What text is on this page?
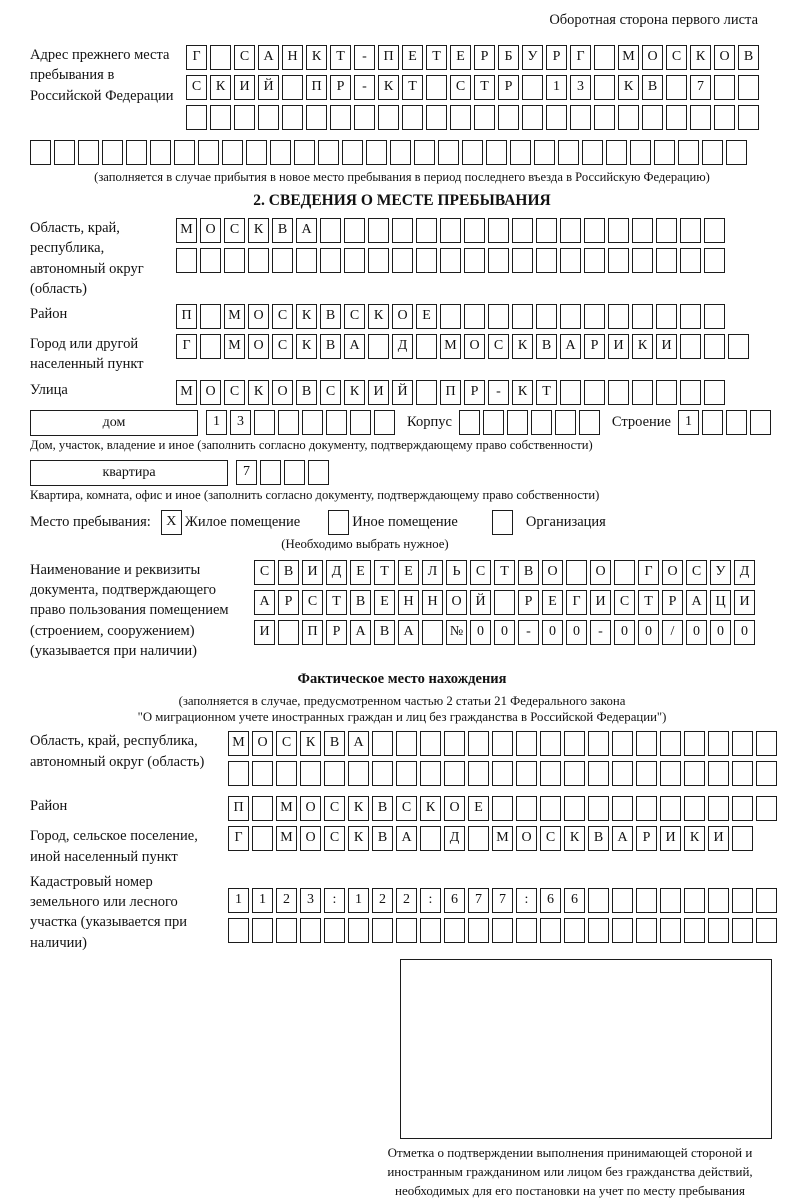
Оборотная сторона первого листа
Адрес прежнего места пребывания в Российской Федерации
Г	С А Н К Т - П Е Т Е Р Б У Р Г	М О С К О В
С К И Й	П Р - К Т	С Т Р	1 3	К В	7
(заполняется в случае прибытия в новое место пребывания в период последнего въезда в Российскую Федерацию)
2. СВЕДЕНИЯ О МЕСТЕ ПРЕБЫВАНИЯ
Область, край, республика, автономный округ (область)
М О С К В А
Район	П	М О С К В С К О Е
Город или другой населенный пункт
Г	М О С К В А	Д	М О С К В А Р И К И
Улица	М О С К О В С К И Й	П Р - К Т
дом	1 3	Корпус	Строение	1
Дом, участок, владение и иное (заполнить согласно документу, подтверждающему право собственности)
квартира	7
Квартира, комната, офис и иное (заполнить согласно документу, подтверждающему право собственности)
Место пребывания:	X Жилое помещение	Иное помещение	Организация
(Необходимо выбрать нужное)
Наименование и реквизиты документа, подтверждающего право пользования помещением (строением, сооружением) (указывается при наличии)
С В И Д Е Т Е Л Ь С Т В О	О	Г О С У Д
А Р С Т В Е Н Н О Й	Р Е Г И С Т Р А Ц И
И	П Р А В А	№ 0 0 - 0 0 - 0 0 / 0 0 0
Фактическое место нахождения
(заполняется в случае, предусмотренном частью 2 статьи 21 Федерального закона
"О миграционном учете иностранных граждан и лиц без гражданства в Российской Федерации")
Область, край, республика, автономный округ (область)
М О С К В А
Район	П	М О С К В С К О Е
Город, сельское поселение, иной населенный пункт
Г	М О С К В А	Д	М О С К В А Р И К И
Кадастровый номер земельного или лесного участка (указывается при наличии)
1 1 2 3 : 1 2 2 : 6 7 7 : 6 6
Отметка о подтверждении выполнения принимающей стороной и иностранным гражданином или лицом без гражданства действий, необходимых для его постановки на учет по месту пребывания
